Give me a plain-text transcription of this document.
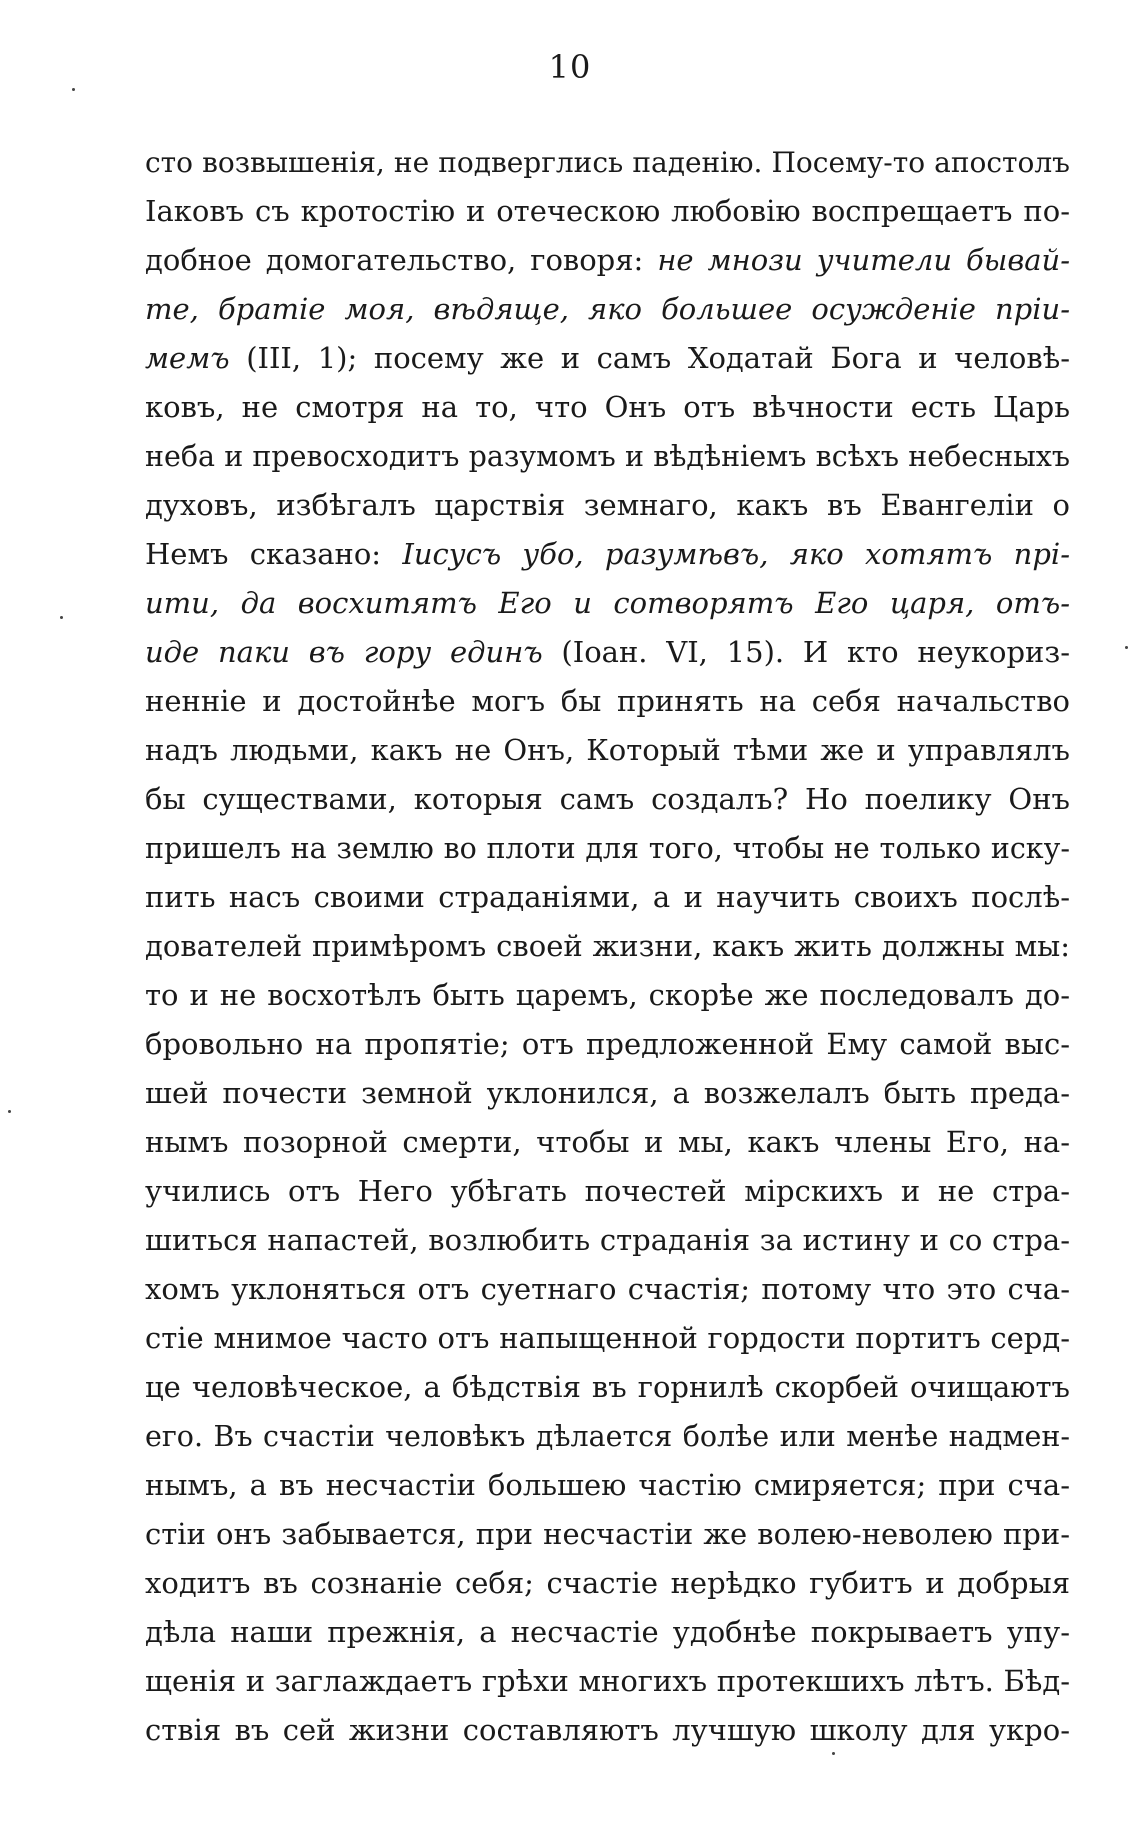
10
сто возвышенія, не подверглись паденію. Посему-то апостолъ
Іаковъ съ кротостію и отеческою любовію воспрещаетъ по-
добное домогательство, говоря: не мнози учители бывай-
те, братіе моя, вѣдяще, яко большее осужденіе пріи-
мемъ (III, 1); посему же и самъ Ходатай Бога и человѣ-
ковъ, не смотря на то, что Онъ отъ вѣчности есть Царь
неба и превосходитъ разумомъ и вѣдѣніемъ всѣхъ небесныхъ
духовъ, избѣгалъ царствія земнаго, какъ въ Евангеліи о
Немъ сказано: Іисусъ убо, разумѣвъ, яко хотятъ прі-
ити, да восхитятъ Его и сотворятъ Его царя, отъ-
иде паки въ гору единъ (Іоан. VI, 15). И кто неукориз-
ненніе и достойнѣе могъ бы принять на себя начальство
надъ людьми, какъ не Онъ, Который тѣми же и управлялъ
бы существами, которыя самъ создалъ? Но поелику Онъ
пришелъ на землю во плоти для того, чтобы не только иску-
пить насъ своими страданіями, а и научить своихъ послѣ-
дователей примѣромъ своей жизни, какъ жить должны мы:
то и не восхотѣлъ быть царемъ, скорѣе же последовалъ до-
бровольно на пропятіе; отъ предложенной Ему самой выс-
шей почести земной уклонился, а возжелалъ быть преда-
нымъ позорной смерти, чтобы и мы, какъ члены Его, на-
учились отъ Него убѣгать почестей мірскихъ и не стра-
шиться напастей, возлюбить страданія за истину и со стра-
хомъ уклоняться отъ суетнаго счастія; потому что это сча-
стіе мнимое часто отъ напыщенной гордости портитъ серд-
це человѣческое, а бѣдствія въ горнилѣ скорбей очищаютъ
его. Въ счастіи человѣкъ дѣлается болѣе или менѣе надмен-
нымъ, а въ несчастіи большею частію смиряется; при сча-
стіи онъ забывается, при несчастіи же волею-неволею при-
ходитъ въ сознаніе себя; счастіе нерѣдко губитъ и добрыя
дѣла наши прежнія, а несчастіе удобнѣе покрываетъ упу-
щенія и заглаждаетъ грѣхи многихъ протекшихъ лѣтъ. Бѣд-
ствія въ сей жизни составляютъ лучшую школу для укро-
